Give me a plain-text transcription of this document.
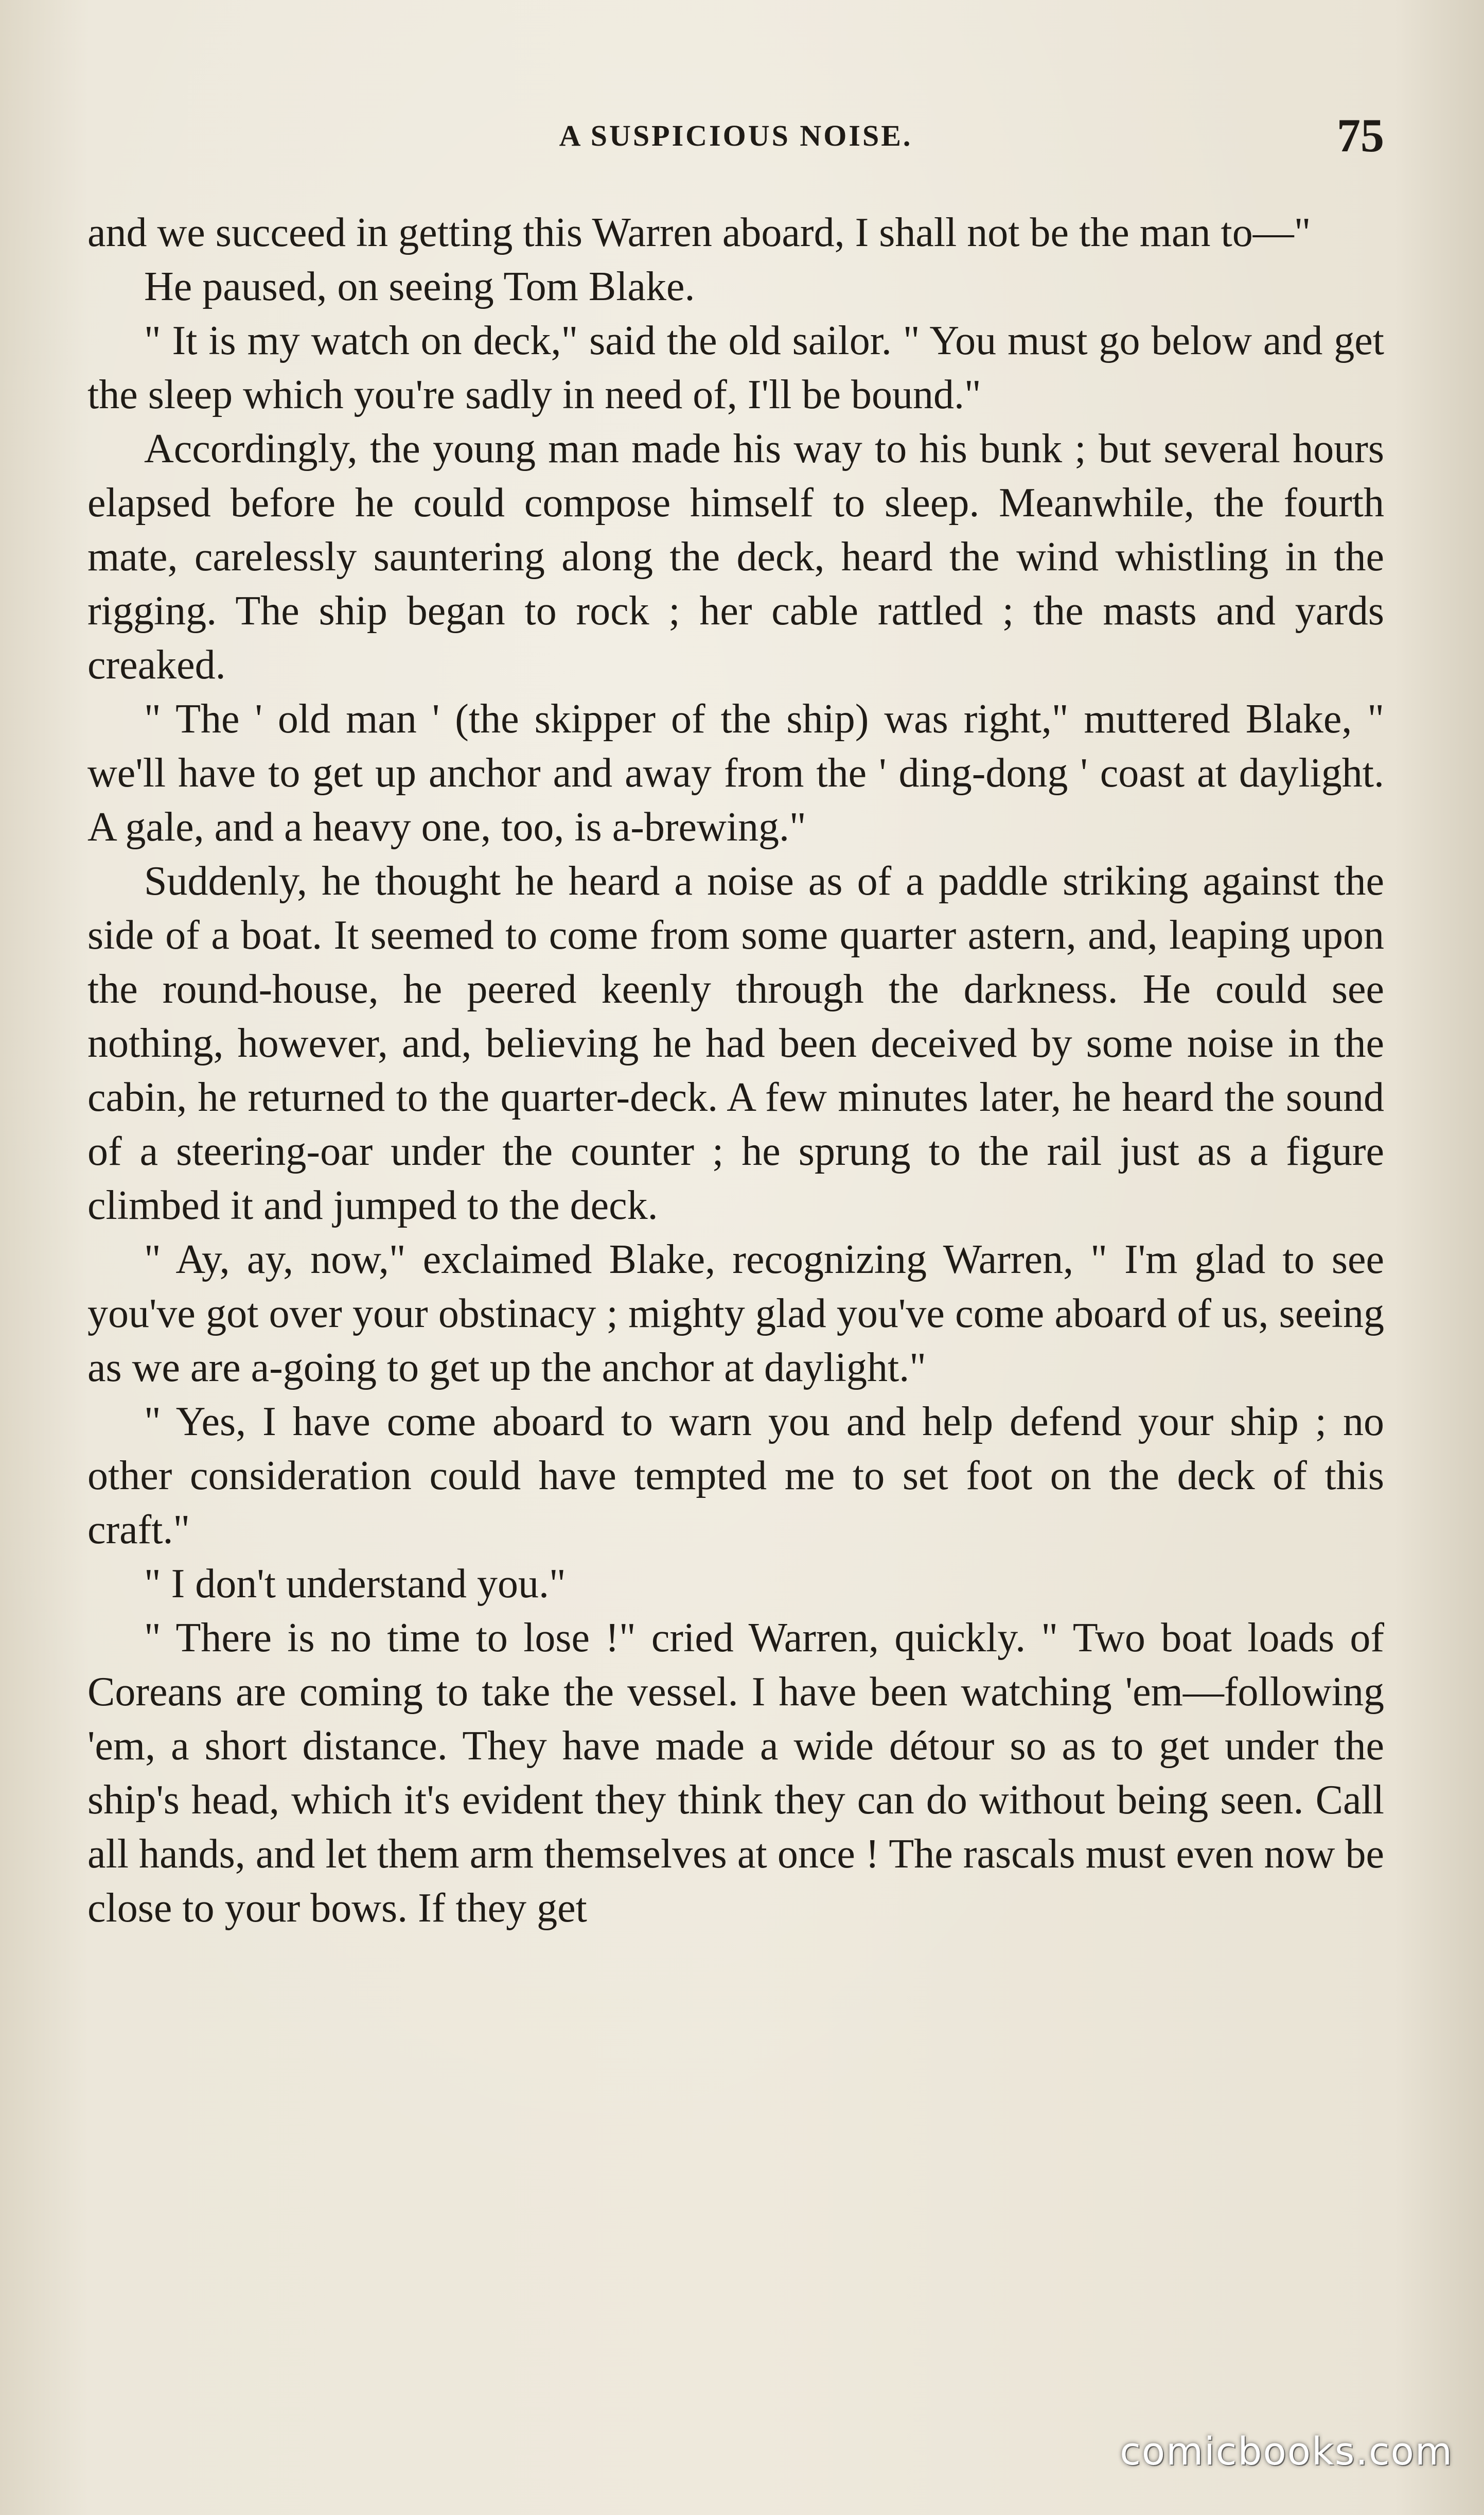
A SUSPICIOUS NOISE.	75

and we succeed in getting this Warren aboard, I shall not be the man to—"

He paused, on seeing Tom Blake.

" It is my watch on deck," said the old sailor. " You must go below and get the sleep which you're sadly in need of, I'll be bound."

Accordingly, the young man made his way to his bunk ; but several hours elapsed before he could compose himself to sleep. Meanwhile, the fourth mate, carelessly sauntering along the deck, heard the wind whistling in the rigging. The ship began to rock ; her cable rattled ; the masts and yards creaked.

" The ' old man ' (the skipper of the ship) was right," muttered Blake, " we'll have to get up anchor and away from the ' ding-dong ' coast at daylight. A gale, and a heavy one, too, is a-brewing."

Suddenly, he thought he heard a noise as of a paddle striking against the side of a boat. It seemed to come from some quarter astern, and, leaping upon the round-house, he peered keenly through the darkness. He could see nothing, however, and, believing he had been deceived by some noise in the cabin, he returned to the quarter-deck. A few minutes later, he heard the sound of a steering-oar under the counter ; he sprung to the rail just as a figure climbed it and jumped to the deck.

" Ay, ay, now," exclaimed Blake, recognizing Warren, " I'm glad to see you've got over your obstinacy ; mighty glad you've come aboard of us, seeing as we are a-going to get up the anchor at daylight."

" Yes, I have come aboard to warn you and help defend your ship ; no other consideration could have tempted me to set foot on the deck of this craft."

" I don't understand you."

" There is no time to lose !" cried Warren, quickly. " Two boat loads of Coreans are coming to take the vessel. I have been watching 'em—following 'em, a short distance. They have made a wide détour so as to get under the ship's head, which it's evident they think they can do without being seen. Call all hands, and let them arm themselves at once ! The rascals must even now be close to your bows. If they get

comicbooks.com
